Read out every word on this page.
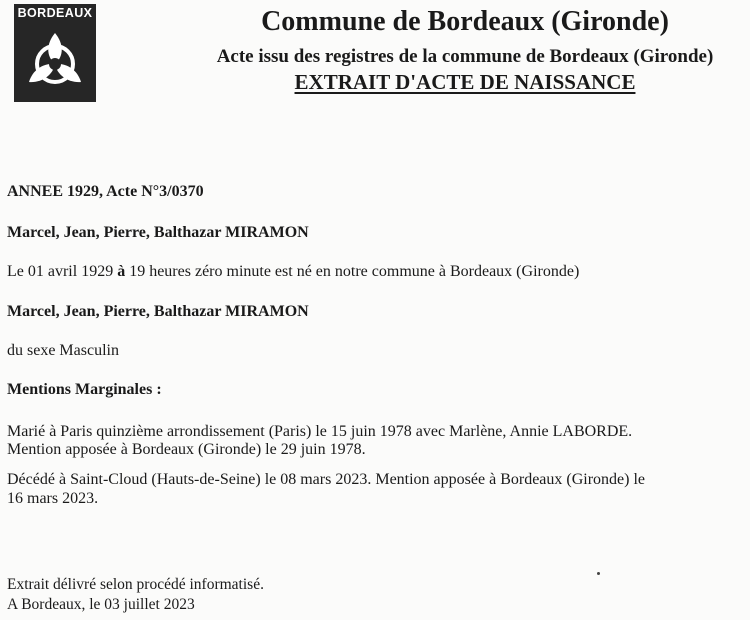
BORDEAUX	Commune de Bordeaux (Gironde)
Acte issu des registres de la commune de Bordeaux (Gironde)
EXTRAIT D'ACTE DE NAISSANCE
ANNEE 1929, Acte N°3/0370
Marcel, Jean, Pierre, Balthazar MIRAMON
Le 01 avril 1929 à 19 heures zéro minute est né en notre commune à Bordeaux (Gironde)
Marcel, Jean, Pierre, Balthazar MIRAMON
du sexe Masculin
Mentions Marginales :
Marié à Paris quinzième arrondissement (Paris) le 15 juin 1978 avec Marlène, Annie LABORDE.
Mention apposée à Bordeaux (Gironde) le 29 juin 1978.
Décédé à Saint-Cloud (Hauts-de-Seine) le 08 mars 2023. Mention apposée à Bordeaux (Gironde) le
16 mars 2023.
Extrait délivré selon procédé informatisé.
A Bordeaux, le 03 juillet 2023
